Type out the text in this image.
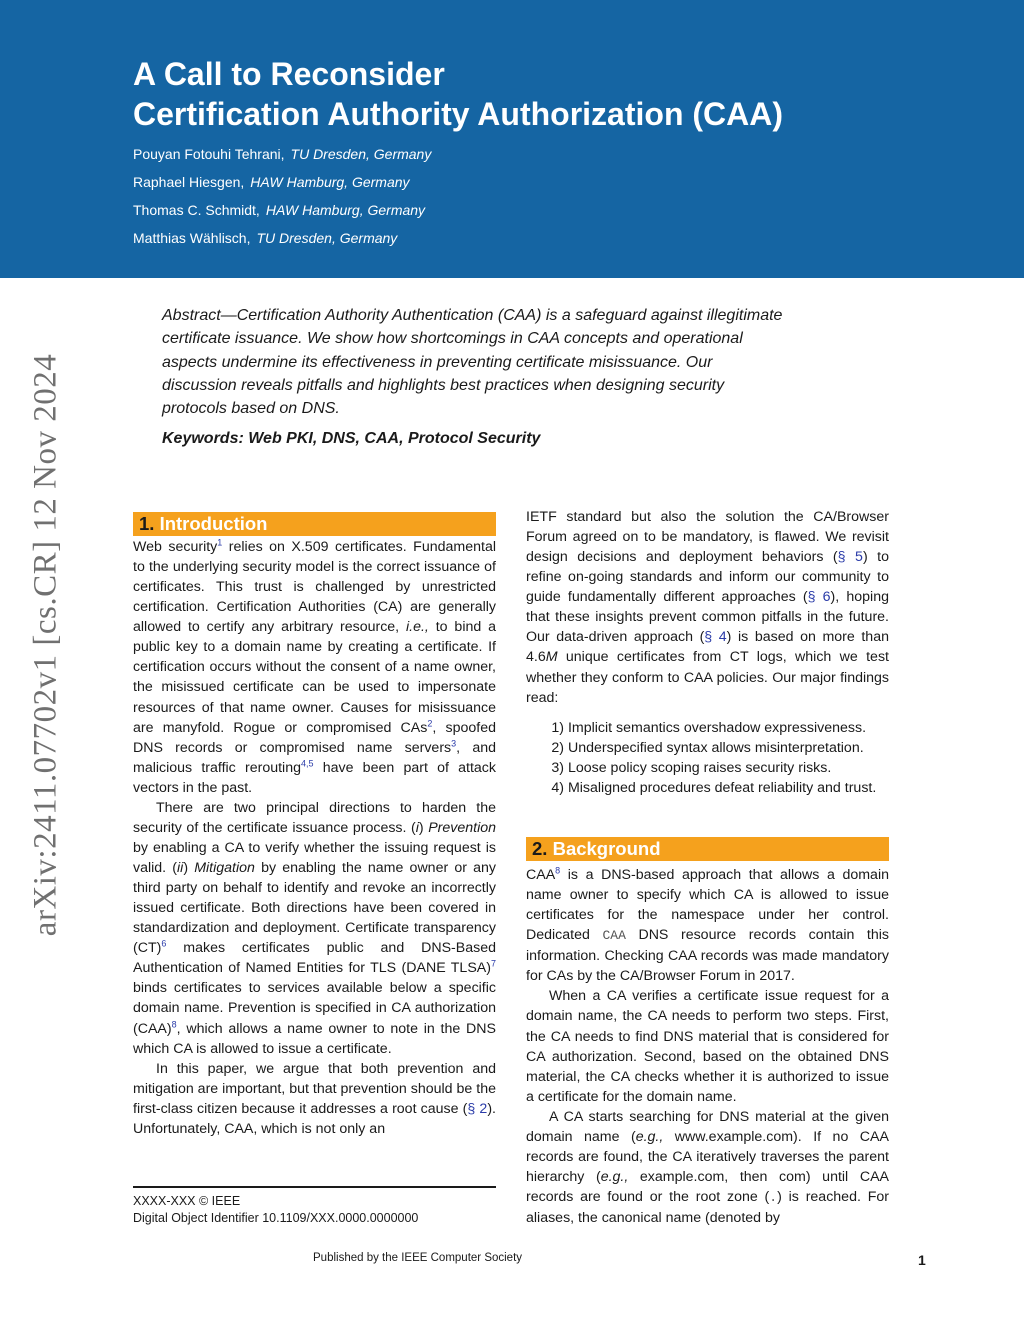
A Call to Reconsider
Certification Authority Authorization (CAA)
Pouyan Fotouhi Tehrani, TU Dresden, Germany
Raphael Hiesgen, HAW Hamburg, Germany
Thomas C. Schmidt, HAW Hamburg, Germany
Matthias Wählisch, TU Dresden, Germany
arXiv:2411.07702v1 [cs.CR] 12 Nov 2024
Abstract—Certification Authority Authentication (CAA) is a safeguard against illegitimate certificate issuance. We show how shortcomings in CAA concepts and operational aspects undermine its effectiveness in preventing certificate misissuance. Our discussion reveals pitfalls and highlights best practices when designing security protocols based on DNS.
Keywords: Web PKI, DNS, CAA, Protocol Security
1. Introduction

Web security$^1$ relies on X.509 certificates. Fundamental to the underlying security model is the correct issuance of certificates. This trust is challenged by unrestricted certification. Certification Authorities (CA) are generally allowed to certify any arbitrary resource, i.e., to bind a public key to a domain name by creating a certificate. If certification occurs without the consent of a name owner, the misissued certificate can be used to impersonate resources of that name owner. Causes for misissuance are manyfold. Rogue or compromised CAs$^2$, spoofed DNS records or compromised name servers$^3$, and malicious traffic rerouting$^{4,5}$ have been part of attack vectors in the past.

There are two principal directions to harden the security of the certificate issuance process. (i) Prevention by enabling a CA to verify whether the issuing request is valid. (ii) Mitigation by enabling the name owner or any third party on behalf to identify and revoke an incorrectly issued certificate. Both directions have been covered in standardization and deployment. Certificate transparency (CT)$^6$ makes certificates public and DNS-Based Authentication of Named Entities for TLS (DANE TLSA)$^7$ binds certificates to services available below a specific domain name. Prevention is specified in CA authorization (CAA)$^8$, which allows a name owner to note in the DNS which CA is allowed to issue a certificate.

In this paper, we argue that both prevention and mitigation are important, but that prevention should be the first-class citizen because it addresses a root cause (§ 2). Unfortunately, CAA, which is not only an

IETF standard but also the solution the CA/Browser Forum agreed on to be mandatory, is flawed. We revisit design decisions and deployment behaviors (§ 5) to refine on-going standards and inform our community to guide fundamentally different approaches (§ 6), hoping that these insights prevent common pitfalls in the future. Our data-driven approach (§ 4) is based on more than 4.6M unique certificates from CT logs, which we test whether they conform to CAA policies. Our major findings read:

1) Implicit semantics overshadow expressiveness.
2) Underspecified syntax allows misinterpretation.
3) Loose policy scoping raises security risks.
4) Misaligned procedures defeat reliability and trust.
2. Background

CAA$^8$ is a DNS-based approach that allows a domain name owner to specify which CA is allowed to issue certificates for the namespace under her control. Dedicated CAA DNS resource records contain this information. Checking CAA records was made mandatory for CAs by the CA/Browser Forum in 2017.

When a CA verifies a certificate issue request for a domain name, the CA needs to perform two steps. First, the CA needs to find DNS material that is considered for CA authorization. Second, based on the obtained DNS material, the CA checks whether it is authorized to issue a certificate for the domain name.

A CA starts searching for DNS material at the given domain name (e.g., www.example.com). If no CAA records are found, the CA iteratively traverses the parent hierarchy (e.g., example.com, then com) until CAA records are found or the root zone (.) is reached. For aliases, the canonical name (denoted by

XXXX-XXX © IEEE
Digital Object Identifier 10.1109/XXX.0000.0000000
Published by the IEEE Computer Society	1
